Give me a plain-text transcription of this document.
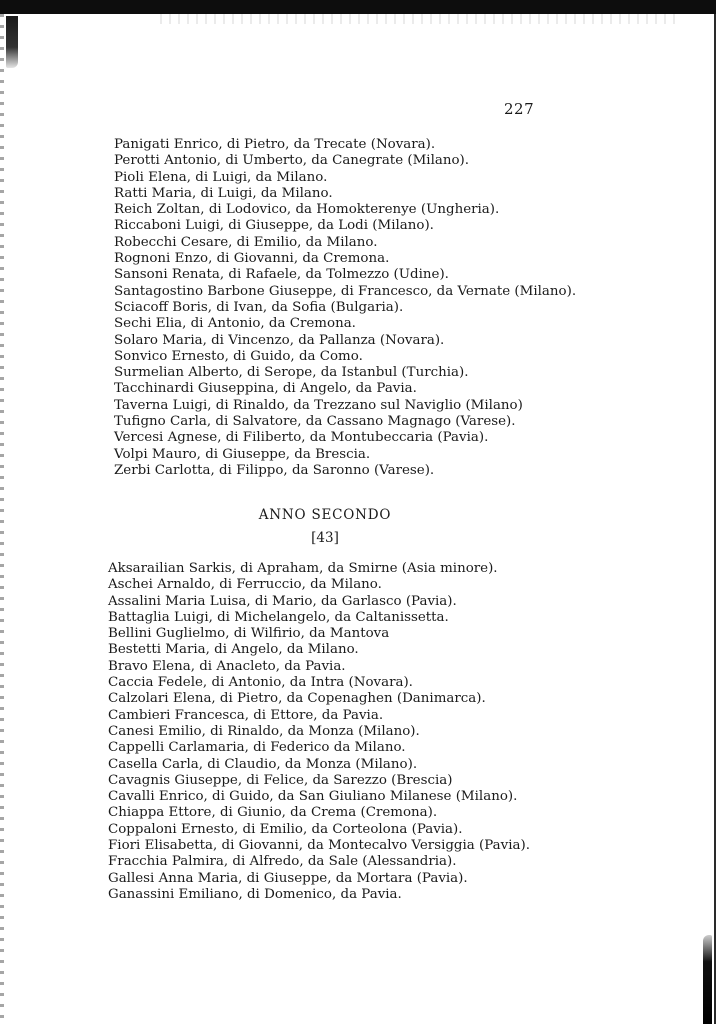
227
Panigati Enrico, di Pietro, da Trecate (Novara).
Perotti Antonio, di Umberto, da Canegrate (Milano).
Pioli Elena, di Luigi, da Milano.
Ratti Maria, di Luigi, da Milano.
Reich Zoltan, di Lodovico, da Homokterenye (Ungheria).
Riccaboni Luigi, di Giuseppe, da Lodi (Milano).
Robecchi Cesare, di Emilio, da Milano.
Rognoni Enzo, di Giovanni, da Cremona.
Sansoni Renata, di Rafaele, da Tolmezzo (Udine).
Santagostino Barbone Giuseppe, di Francesco, da Vernate (Milano).
Sciacoff Boris, di Ivan, da Sofia (Bulgaria).
Sechi Elia, di Antonio, da Cremona.
Solaro Maria, di Vincenzo, da Pallanza (Novara).
Sonvico Ernesto, di Guido, da Como.
Surmelian Alberto, di Serope, da Istanbul (Turchia).
Tacchinardi Giuseppina, di Angelo, da Pavia.
Taverna Luigi, di Rinaldo, da Trezzano sul Naviglio (Milano)
Tufigno Carla, di Salvatore, da Cassano Magnago (Varese).
Vercesi Agnese, di Filiberto, da Montubeccaria (Pavia).
Volpi Mauro, di Giuseppe, da Brescia.
Zerbi Carlotta, di Filippo, da Saronno (Varese).
ANNO SECONDO
[43]
Aksarailian Sarkis, di Apraham, da Smirne (Asia minore).
Aschei Arnaldo, di Ferruccio, da Milano.
Assalini Maria Luisa, di Mario, da Garlasco (Pavia).
Battaglia Luigi, di Michelangelo, da Caltanissetta.
Bellini Guglielmo, di Wilfirio, da Mantova
Bestetti Maria, di Angelo, da Milano.
Bravo Elena, di Anacleto, da Pavia.
Caccia Fedele, di Antonio, da Intra (Novara).
Calzolari Elena, di Pietro, da Copenaghen (Danimarca).
Cambieri Francesca, di Ettore, da Pavia.
Canesi Emilio, di Rinaldo, da Monza (Milano).
Cappelli Carlamaria, di Federico da Milano.
Casella Carla, di Claudio, da Monza (Milano).
Cavagnis Giuseppe, di Felice, da Sarezzo (Brescia)
Cavalli Enrico, di Guido, da San Giuliano Milanese (Milano).
Chiappa Ettore, di Giunio, da Crema (Cremona).
Coppaloni Ernesto, di Emilio, da Corteolona (Pavia).
Fiori Elisabetta, di Giovanni, da Montecalvo Versiggia (Pavia).
Fracchia Palmira, di Alfredo, da Sale (Alessandria).
Gallesi Anna Maria, di Giuseppe, da Mortara (Pavia).
Ganassini Emiliano, di Domenico, da Pavia.
